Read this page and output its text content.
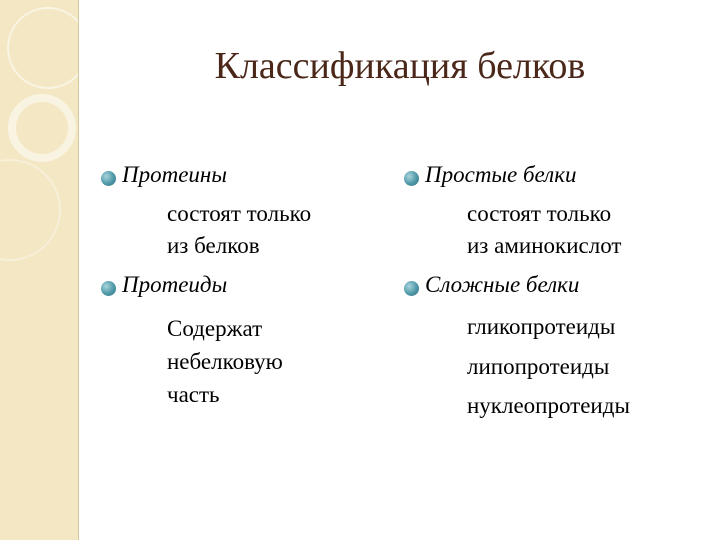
Классификация белков
Протеины
состоят только
из белков
Протеиды
Содержат
небелковую
часть
Простые белки
состоят только
из аминокислот
Сложные белки
гликопротеиды
липопротеиды
нуклеопротеиды
